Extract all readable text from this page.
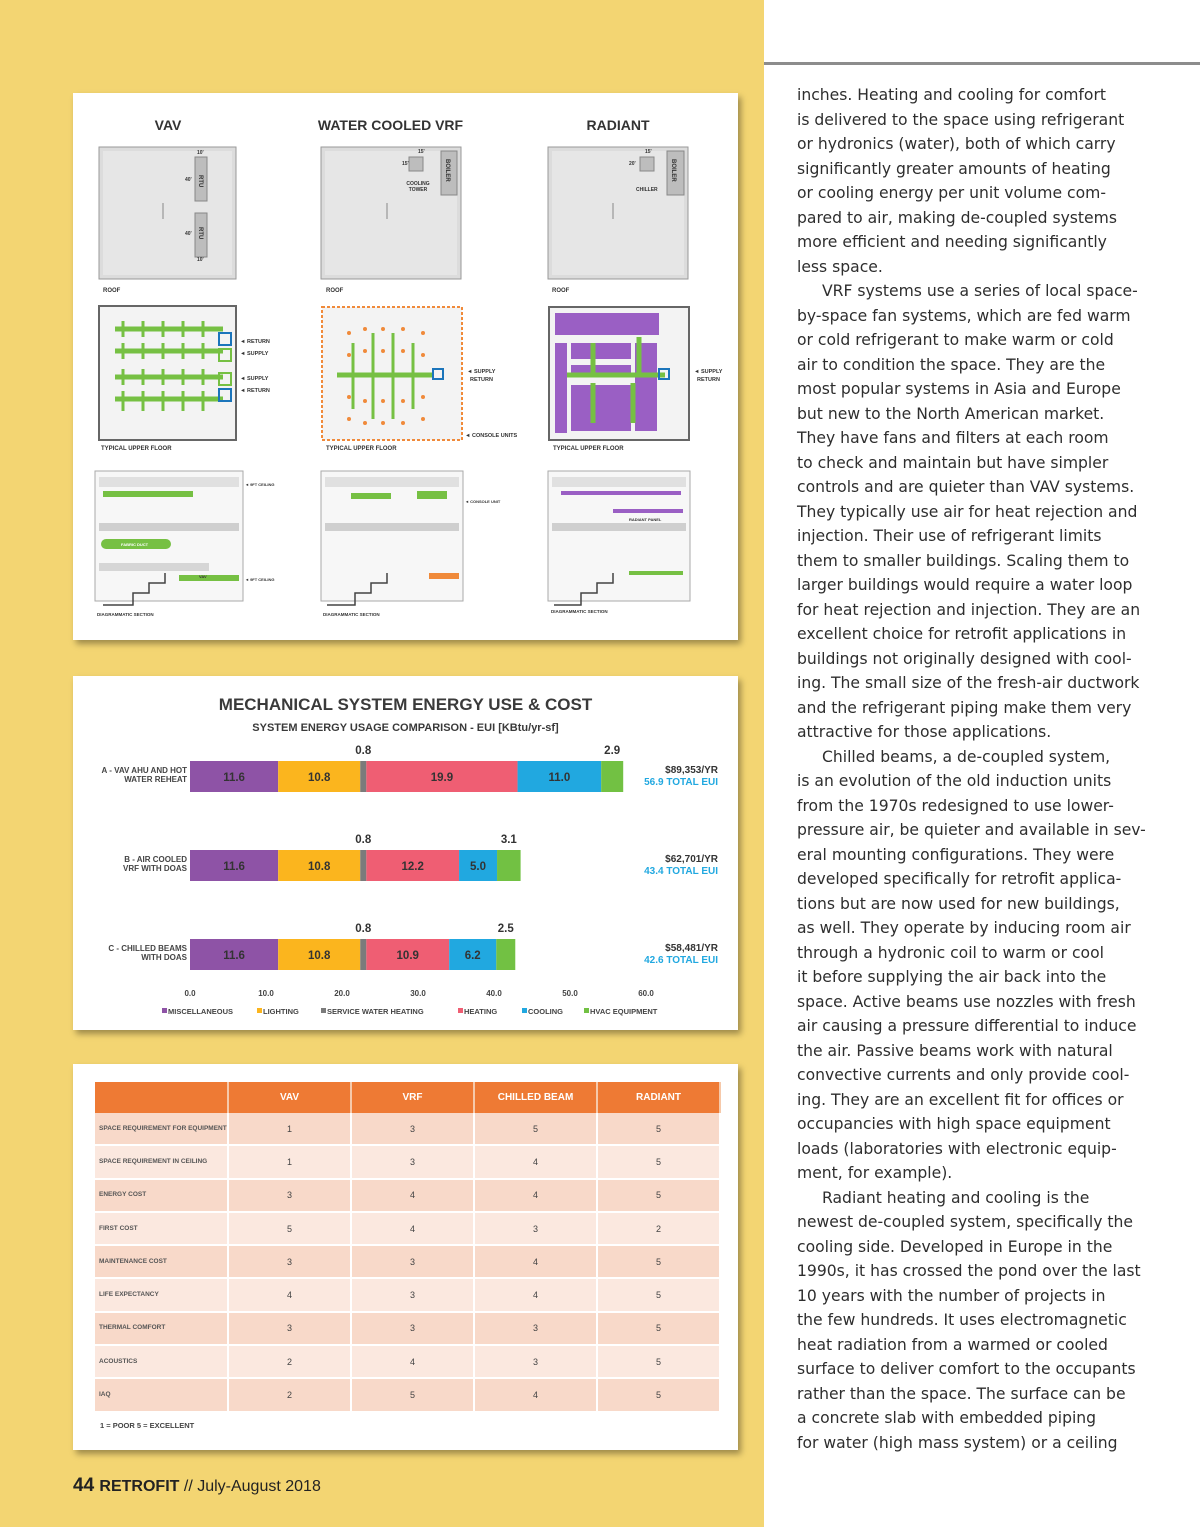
VAV	WATER COOLED VRF	RADIANT
ROOF	ROOF	ROOF
RTU
RTU
10'
40'
40'
10'
BOILER
15'
15'
COOLING TOWER
BOILER
15'
20'
CHILLER
TYPICAL UPPER FLOOR	TYPICAL UPPER FLOOR	TYPICAL UPPER FLOOR
◄ RETURN
◄ SUPPLY
◄ SUPPLY
◄ RETURN
◄ SUPPLY
RETURN
◄ CONSOLE UNITS
◄ SUPPLY
RETURN
◄ 9FT CEILING
◄ 9FT CEILING
FABRIC DUCT
VAV
◄ CONSOLE UNIT
RADIANT PANEL
DIAGRAMMATIC SECTION	DIAGRAMMATIC SECTION
DIAGRAMMATIC SECTION
MECHANICAL SYSTEM ENERGY USE & COST
SYSTEM ENERGY USAGE COMPARISON - EUI [KBtu/yr-sf]
A - VAV AHU AND HOT
WATER REHEAT	11.6	10.8
0.8
19.9	11.0
2.9
$89,353/YR
56.9 TOTAL EUI
B - AIR COOLED
VRF WITH DOAS	11.6	10.8
0.8
12.2	5.0
3.1
$62,701/YR
43.4 TOTAL EUI
C - CHILLED BEAMS
WITH DOAS	11.6	10.8
0.8
10.9	6.2
2.5
$58,481/YR
42.6 TOTAL EUI
0.0	10.0	20.0	30.0	40.0	50.0	60.0
MISCELLANEOUS	LIGHTING	SERVICE WATER HEATING	HEATING	COOLING	HVAC EQUIPMENT
	VAV	VRF	CHILLED BEAM	RADIANT
SPACE REQUIREMENT FOR EQUIPMENT	1	3	5	5
SPACE REQUIREMENT IN CEILING	1	3	4	5
ENERGY COST	3	4	4	5
FIRST COST	5	4	3	2
MAINTENANCE COST	3	3	4	5
LIFE EXPECTANCY	4	3	4	5
THERMAL COMFORT	3	3	3	5
ACOUSTICS	2	4	3	5
IAQ	2	5	4	5
1 = POOR 5 = EXCELLENT
inches. Heating and cooling for comfort
is delivered to the space using refrigerant
or hydronics (water), both of which carry
significantly greater amounts of heating
or cooling energy per unit volume com-
pared to air, making de-coupled systems
more efficient and needing significantly
less space.
VRF systems use a series of local space-
by-space fan systems, which are fed warm
or cold refrigerant to make warm or cold
air to condition the space. They are the
most popular systems in Asia and Europe
but new to the North American market.
They have fans and filters at each room
to check and maintain but have simpler
controls and are quieter than VAV systems.
They typically use air for heat rejection and
injection. Their use of refrigerant limits
them to smaller buildings. Scaling them to
larger buildings would require a water loop
for heat rejection and injection. They are an
excellent choice for retrofit applications in
buildings not originally designed with cool-
ing. The small size of the fresh-air ductwork
and the refrigerant piping make them very
attractive for those applications.
Chilled beams, a de-coupled system,
is an evolution of the old induction units
from the 1970s redesigned to use lower-
pressure air, be quieter and available in sev-
eral mounting configurations. They were
developed specifically for retrofit applica-
tions but are now used for new buildings,
as well. They operate by inducing room air
through a hydronic coil to warm or cool
it before supplying the air back into the
space. Active beams use nozzles with fresh
air causing a pressure differential to induce
the air. Passive beams work with natural
convective currents and only provide cool-
ing. They are an excellent fit for offices or
occupancies with high space equipment
loads (laboratories with electronic equip-
ment, for example).
Radiant heating and cooling is the
newest de-coupled system, specifically the
cooling side. Developed in Europe in the
1990s, it has crossed the pond over the last
10 years with the number of projects in
the few hundreds. It uses electromagnetic
heat radiation from a warmed or cooled
surface to deliver comfort to the occupants
rather than the space. The surface can be
a concrete slab with embedded piping
for water (high mass system) or a ceiling
44 RETROFIT // July-August 2018
